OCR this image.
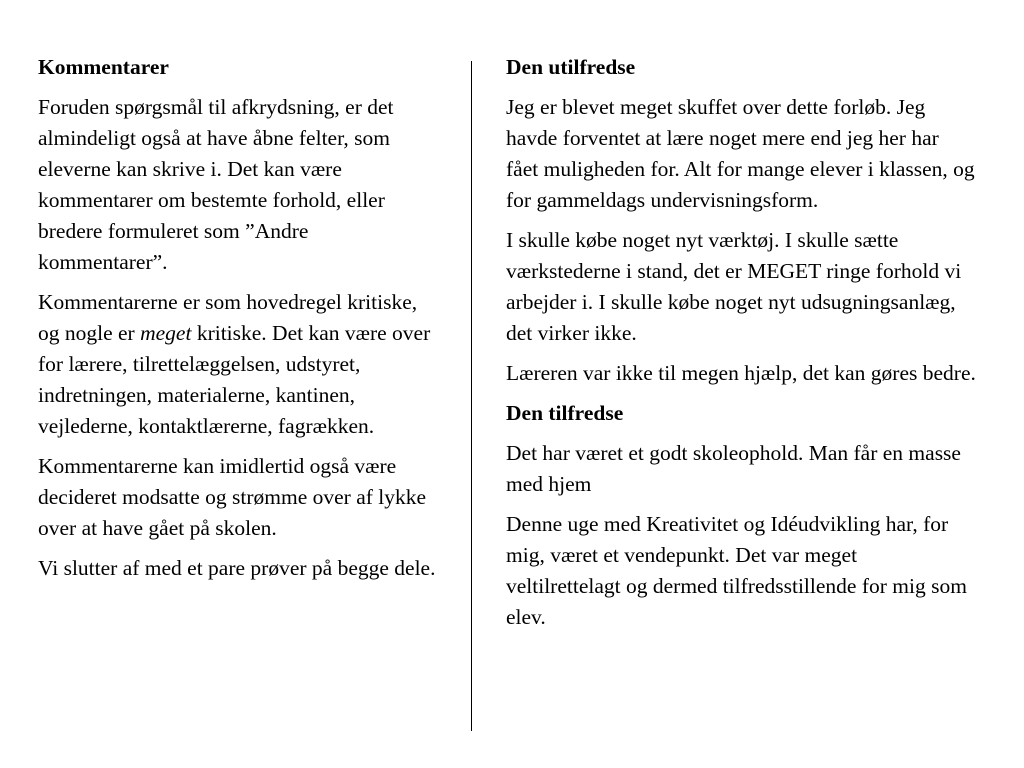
Kommentarer
Foruden spørgsmål til afkrydsning, er det almindeligt også at have åbne felter, som eleverne kan skrive i. Det kan være kommentarer om bestemte forhold, eller bredere formuleret som ”Andre kommentarer”.
Kommentarerne er som hovedregel kritiske, og nogle er meget kritiske. Det kan være over for lærere, tilrettelæggelsen, udstyret, indretningen, materialerne, kantinen, vejlederne, kontaktlærerne, fagrækken.
Kommentarerne kan imidlertid også være decideret modsatte og strømme over af lykke over at have gået på skolen.
Vi slutter af med et pare prøver på begge dele.
Den utilfredse
Jeg er blevet meget skuffet over dette forløb. Jeg havde forventet at lære noget mere end jeg her har fået muligheden for. Alt for mange elever i klassen, og for gammeldags undervisningsform.
I skulle købe noget nyt værktøj. I skulle sætte værkstederne i stand, det er MEGET ringe forhold vi arbejder i. I skulle købe noget nyt udsugningsanlæg, det virker ikke.
Læreren var ikke til megen hjælp, det kan gøres bedre.
Den tilfredse
Det har været et godt skoleophold. Man får en masse med hjem
Denne uge med Kreativitet og Idéudvikling har, for mig, været et vendepunkt. Det var meget veltilrettelagt og dermed tilfredsstillende for mig som elev.
